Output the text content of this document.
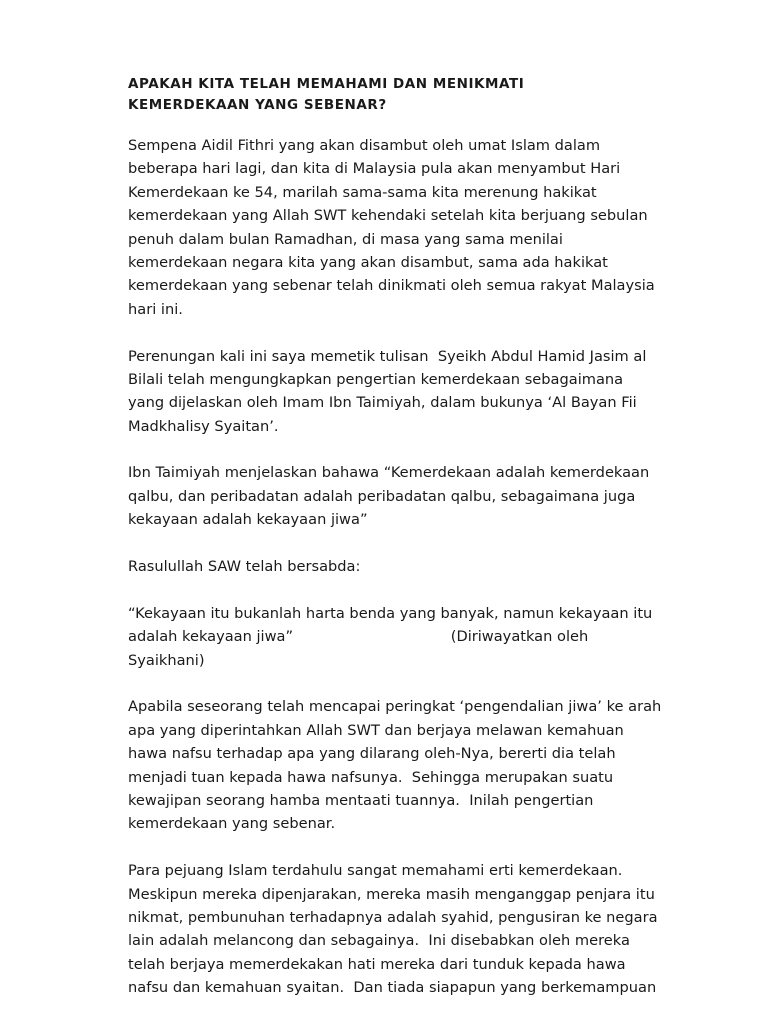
APAKAH KITA TELAH MEMAHAMI DAN MENIKMATI
KEMERDEKAAN YANG SEBENAR?
Sempena Aidil Fithri yang akan disambut oleh umat Islam dalam
beberapa hari lagi, dan kita di Malaysia pula akan menyambut Hari
Kemerdekaan ke 54, marilah sama-sama kita merenung hakikat
kemerdekaan yang Allah SWT kehendaki setelah kita berjuang sebulan
penuh dalam bulan Ramadhan, di masa yang sama menilai
kemerdekaan negara kita yang akan disambut, sama ada hakikat
kemerdekaan yang sebenar telah dinikmati oleh semua rakyat Malaysia
hari ini.
Perenungan kali ini saya memetik tulisan  Syeikh Abdul Hamid Jasim al
Bilali telah mengungkapkan pengertian kemerdekaan sebagaimana
yang dijelaskan oleh Imam Ibn Taimiyah, dalam bukunya ‘Al Bayan Fii
Madkhalisy Syaitan’.
Ibn Taimiyah menjelaskan bahawa “Kemerdekaan adalah kemerdekaan
qalbu, dan peribadatan adalah peribadatan qalbu, sebagaimana juga
kekayaan adalah kekayaan jiwa”
Rasulullah SAW telah bersabda:
“Kekayaan itu bukanlah harta benda yang banyak, namun kekayaan itu
adalah kekayaan jiwa”                                  (Diriwayatkan oleh
Syaikhani)
Apabila seseorang telah mencapai peringkat ‘pengendalian jiwa’ ke arah
apa yang diperintahkan Allah SWT dan berjaya melawan kemahuan
hawa nafsu terhadap apa yang dilarang oleh-Nya, bererti dia telah
menjadi tuan kepada hawa nafsunya.  Sehingga merupakan suatu
kewajipan seorang hamba mentaati tuannya.  Inilah pengertian
kemerdekaan yang sebenar.
Para pejuang Islam terdahulu sangat memahami erti kemerdekaan.
Meskipun mereka dipenjarakan, mereka masih menganggap penjara itu
nikmat, pembunuhan terhadapnya adalah syahid, pengusiran ke negara
lain adalah melancong dan sebagainya.  Ini disebabkan oleh mereka
telah berjaya memerdekakan hati mereka dari tunduk kepada hawa
nafsu dan kemahuan syaitan.  Dan tiada siapapun yang berkemampuan
